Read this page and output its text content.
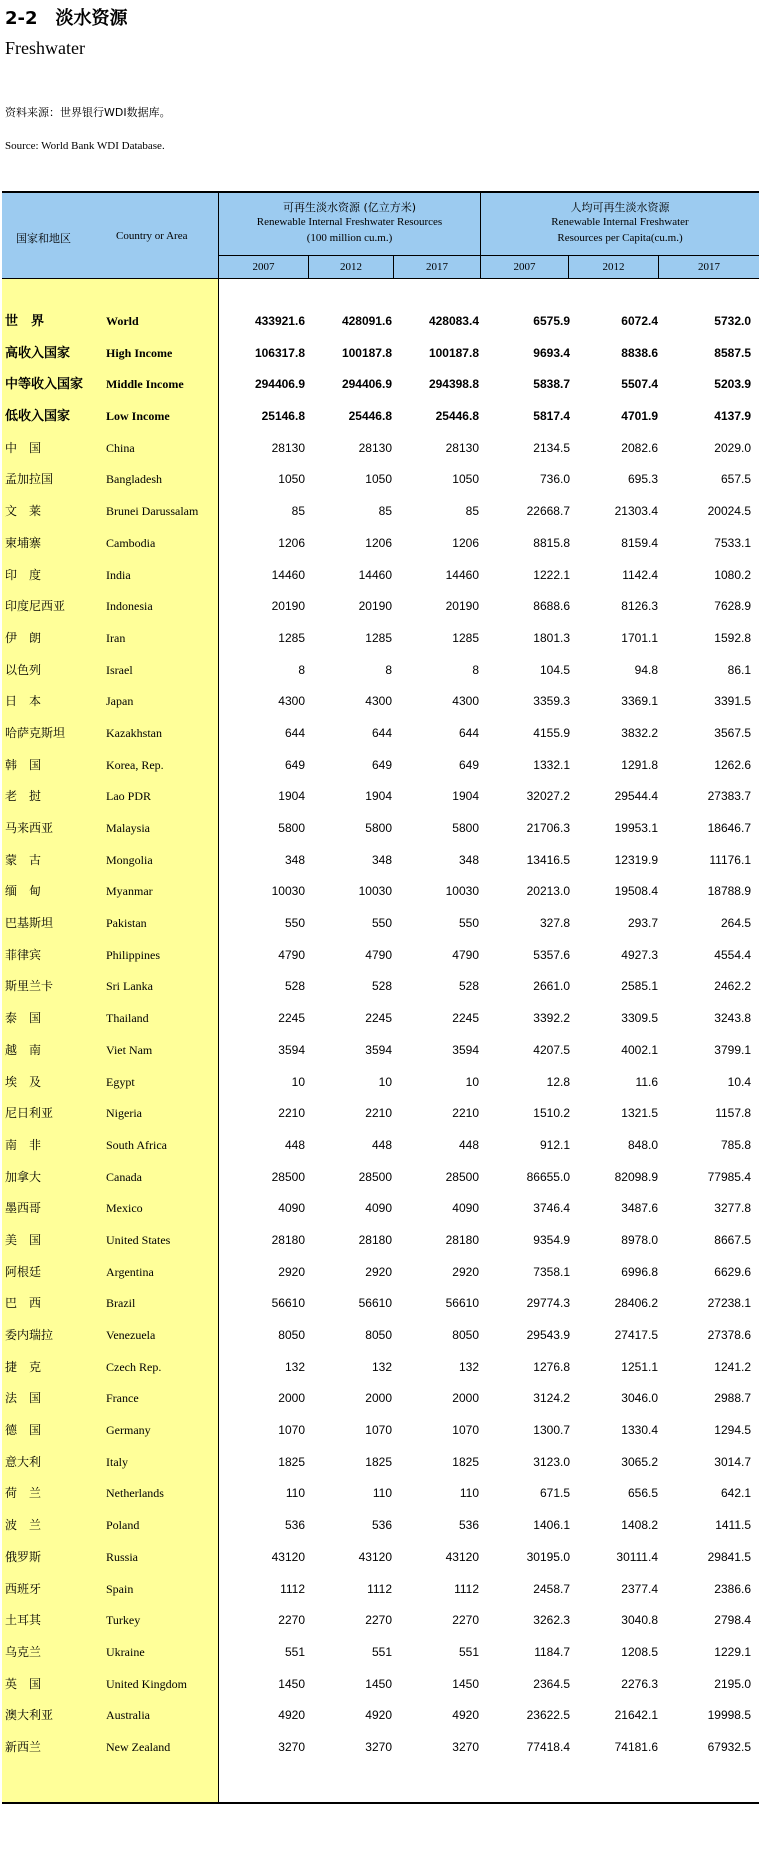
2-2 淡水资源
Freshwater
资料来源：世界银行WDI数据库。
Source: World Bank WDI Database.
国家和地区	Country or Area
可再生淡水资源 (亿立方米)
Renewable Internal Freshwater Resources
(100 million cu.m.)
人均可再生淡水资源
Renewable Internal Freshwater
Resources per Capita(cu.m.)
2007	2012	2017	2007	2012	2017
世　界	World	433921.6	428091.6	428083.4	6575.9	6072.4	5732.0
高收入国家	High Income	106317.8	100187.8	100187.8	9693.4	8838.6	8587.5
中等收入国家 Middle Income	294406.9	294406.9	294398.8	5838.7	5507.4	5203.9
低收入国家	Low Income	25146.8	25446.8	25446.8	5817.4	4701.9	4137.9
中　国	China	28130	28130	28130	2134.5	2082.6	2029.0
孟加拉国	Bangladesh	1050	1050	1050	736.0	695.3	657.5
文　莱	Brunei Darussalam	85	85	85	22668.7	21303.4	20024.5
柬埔寨	Cambodia	1206	1206	1206	8815.8	8159.4	7533.1
印　度	India	14460	14460	14460	1222.1	1142.4	1080.2
印度尼西亚	Indonesia	20190	20190	20190	8688.6	8126.3	7628.9
伊　朗	Iran	1285	1285	1285	1801.3	1701.1	1592.8
以色列	Israel	8	8	8	104.5	94.8	86.1
日　本	Japan	4300	4300	4300	3359.3	3369.1	3391.5
哈萨克斯坦	Kazakhstan	644	644	644	4155.9	3832.2	3567.5
韩　国	Korea, Rep.	649	649	649	1332.1	1291.8	1262.6
老　挝	Lao PDR	1904	1904	1904	32027.2	29544.4	27383.7
马来西亚	Malaysia	5800	5800	5800	21706.3	19953.1	18646.7
蒙　古	Mongolia	348	348	348	13416.5	12319.9	11176.1
缅　甸	Myanmar	10030	10030	10030	20213.0	19508.4	18788.9
巴基斯坦	Pakistan	550	550	550	327.8	293.7	264.5
菲律宾	Philippines	4790	4790	4790	5357.6	4927.3	4554.4
斯里兰卡	Sri Lanka	528	528	528	2661.0	2585.1	2462.2
泰　国	Thailand	2245	2245	2245	3392.2	3309.5	3243.8
越　南	Viet Nam	3594	3594	3594	4207.5	4002.1	3799.1
埃　及	Egypt	10	10	10	12.8	11.6	10.4
尼日利亚	Nigeria	2210	2210	2210	1510.2	1321.5	1157.8
南　非	South Africa	448	448	448	912.1	848.0	785.8
加拿大	Canada	28500	28500	28500	86655.0	82098.9	77985.4
墨西哥	Mexico	4090	4090	4090	3746.4	3487.6	3277.8
美　国	United States	28180	28180	28180	9354.9	8978.0	8667.5
阿根廷	Argentina	2920	2920	2920	7358.1	6996.8	6629.6
巴　西	Brazil	56610	56610	56610	29774.3	28406.2	27238.1
委内瑞拉	Venezuela	8050	8050	8050	29543.9	27417.5	27378.6
捷　克	Czech Rep.	132	132	132	1276.8	1251.1	1241.2
法　国	France	2000	2000	2000	3124.2	3046.0	2988.7
德　国	Germany	1070	1070	1070	1300.7	1330.4	1294.5
意大利	Italy	1825	1825	1825	3123.0	3065.2	3014.7
荷　兰	Netherlands	110	110	110	671.5	656.5	642.1
波　兰	Poland	536	536	536	1406.1	1408.2	1411.5
俄罗斯	Russia	43120	43120	43120	30195.0	30111.4	29841.5
西班牙	Spain	1112	1112	1112	2458.7	2377.4	2386.6
土耳其	Turkey	2270	2270	2270	3262.3	3040.8	2798.4
乌克兰	Ukraine	551	551	551	1184.7	1208.5	1229.1
英　国	United Kingdom	1450	1450	1450	2364.5	2276.3	2195.0
澳大利亚	Australia	4920	4920	4920	23622.5	21642.1	19998.5
新西兰	New Zealand	3270	3270	3270	77418.4	74181.6	67932.5
